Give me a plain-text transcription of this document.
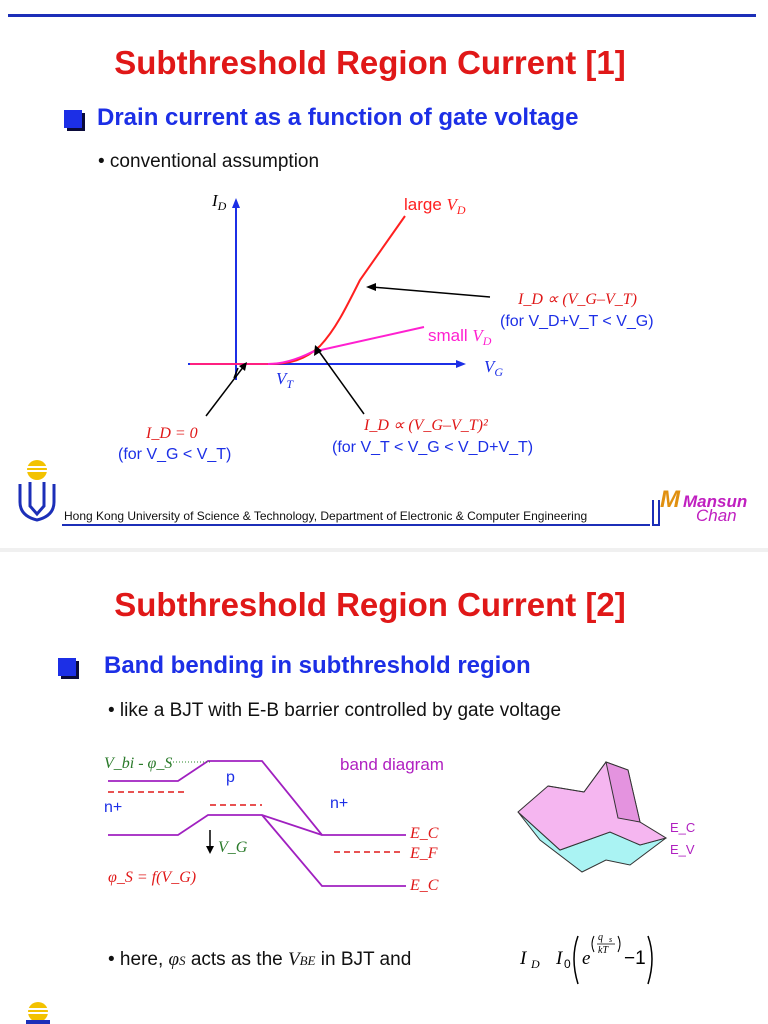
Subthreshold Region Current [1]
Drain current as a function of gate voltage
• conventional assumption
$I_D$
$V_G$
$V_T$
large $V_D$
small $V_D$
I_D ∝ (V_G–V_T)
(for V_D+V_T < V_G)
I_D = 0
(for V_G < V_T)
I_D ∝ (V_G–V_T)²
(for V_T < V_G < V_D+V_T)
Hong Kong University of Science & Technology, Department of Electronic & Computer Engineering
M Mansun
Chan
Subthreshold Region Current [2]
Band bending in subthreshold region
• like a BJT with E-B barrier controlled by gate voltage
V_bi - φ_S
p
n+	n+
band diagram
V_G
φ_S = f(V_G)
E_C
E_F
E_C
E_C
E_V
• here, φS acts as the VBE in BJT and	I D I 0 e
q s
kT −1
